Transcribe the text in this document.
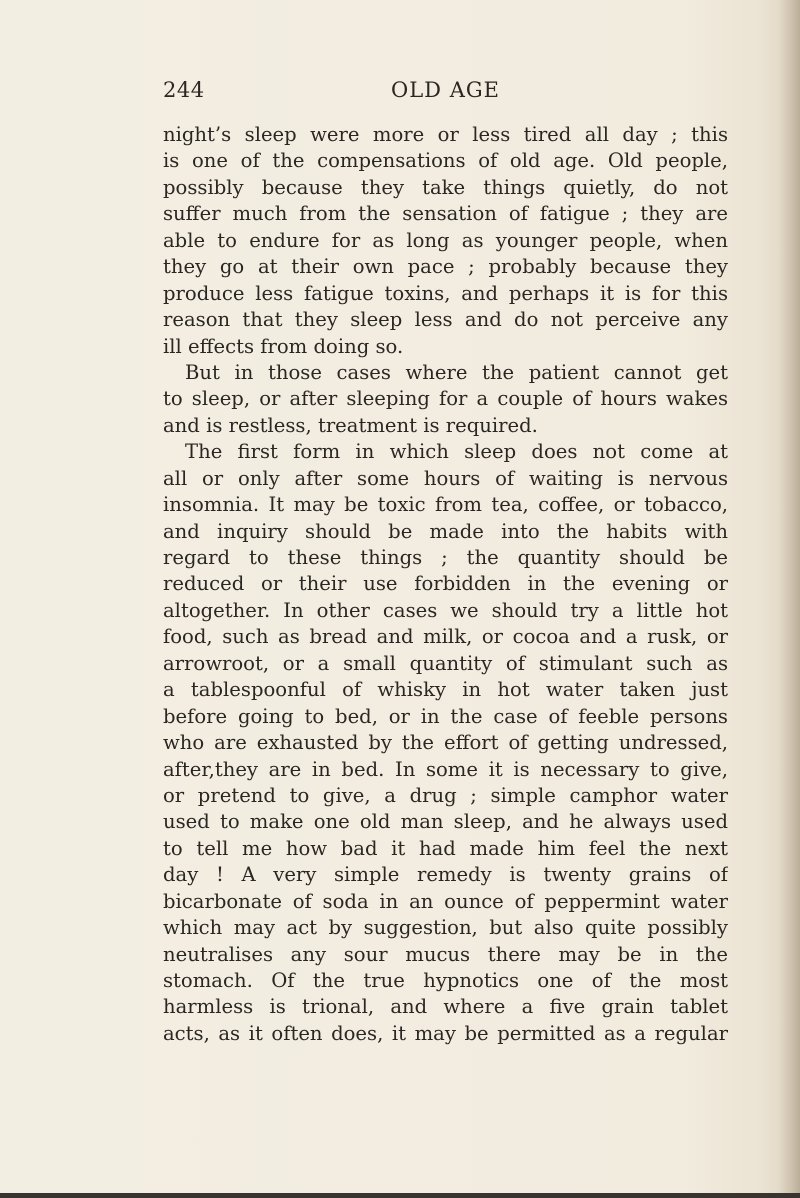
244	OLD AGE
night’s sleep were more or less tired all day ; this
is one of the compensations of old age. Old people,
possibly because they take things quietly, do not
suffer much from the sensation of fatigue ; they are
able to endure for as long as younger people, when
they go at their own pace ; probably because they
produce less fatigue toxins, and perhaps it is for this
reason that they sleep less and do not perceive any
ill effects from doing so.
But in those cases where the patient cannot get
to sleep, or after sleeping for a couple of hours wakes
and is restless, treatment is required.
The first form in which sleep does not come at
all or only after some hours of waiting is nervous
insomnia. It may be toxic from tea, coffee, or tobacco,
and inquiry should be made into the habits with
regard to these things ; the quantity should be
reduced or their use forbidden in the evening or
altogether. In other cases we should try a little hot
food, such as bread and milk, or cocoa and a rusk, or
arrowroot, or a small quantity of stimulant such as
a tablespoonful of whisky in hot water taken just
before going to bed, or in the case of feeble persons
who are exhausted by the effort of getting undressed,
after,they are in bed. In some it is necessary to give,
or pretend to give, a drug ; simple camphor water
used to make one old man sleep, and he always used
to tell me how bad it had made him feel the next
day ! A very simple remedy is twenty grains of
bicarbonate of soda in an ounce of peppermint water
which may act by suggestion, but also quite possibly
neutralises any sour mucus there may be in the
stomach. Of the true hypnotics one of the most
harmless is trional, and where a five grain tablet
acts, as it often does, it may be permitted as a regular
